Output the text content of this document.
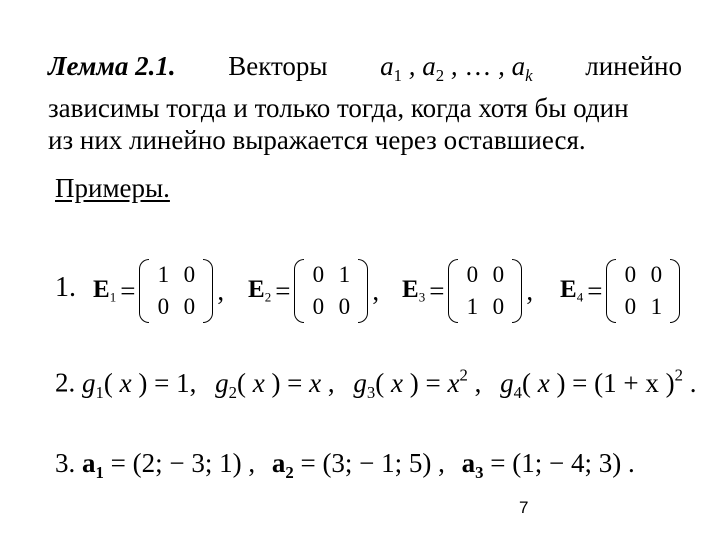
Лемма 2.1. Векторы $a_1$ , $a_2$ , … , $a_k$ линейно
зависимы тогда и только тогда, когда хотя бы один
из них линейно выражается через оставшиеся.
Примеры.
1. $E_1$ =
1 0
0 0
, $E_2$ =
0 1
0 0
, $E_3$ =
0 0
1 0
, $E_4$ =
0 0
0 1
2. $g_1$( x ) = 1, $g_2$( x ) = x , $g_3$( x ) = $x^2$ , $g_4$( x ) = (1 + x )$^2$ .
3. $a_1 = (2$; − 3; 1) , $a_2 = (3$; − 1; 5) , $a_3 = (1$; − 4; 3) .
7
